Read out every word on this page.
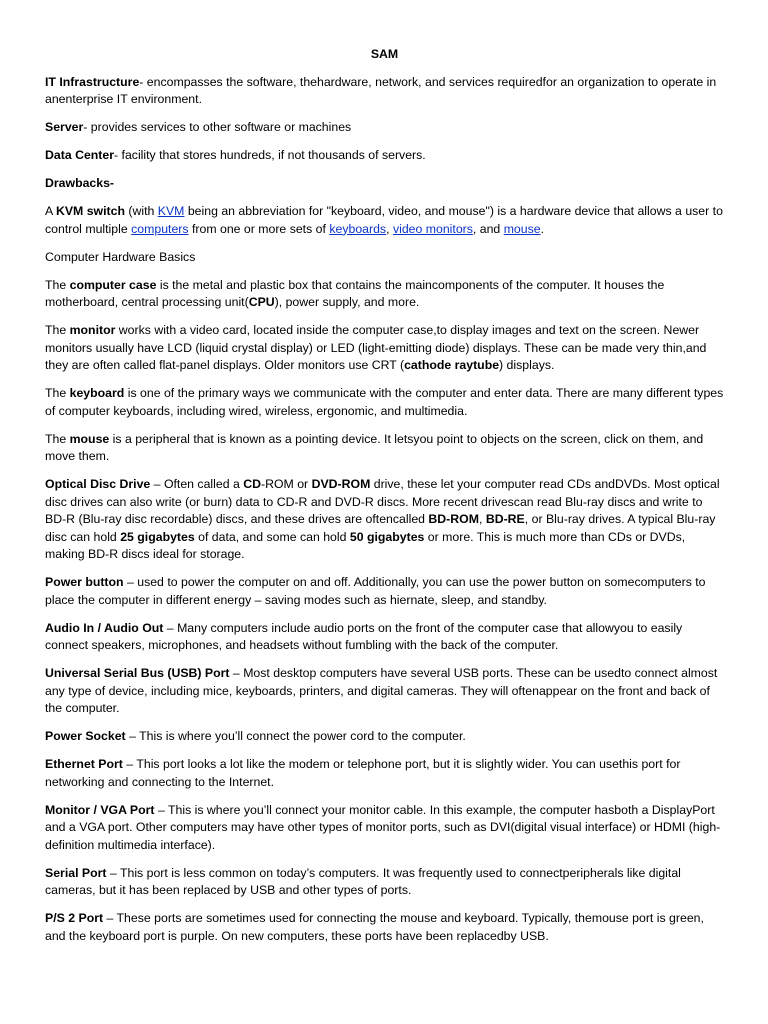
SAM

IT Infrastructure- encompasses the software, thehardware, network, and services requiredfor an organization to operate in anenterprise IT environment.

Server- provides services to other software or machines

Data Center- facility that stores hundreds, if not thousands of servers.

Drawbacks-

A KVM switch (with KVM being an abbreviation for "keyboard, video, and mouse") is a hardware device that allows a user to control multiple computers from one or more sets of keyboards, video monitors, and mouse.

Computer Hardware Basics

The computer case is the metal and plastic box that contains the maincomponents of the computer. It houses the motherboard, central processing unit(CPU), power supply, and more.

The monitor works with a video card, located inside the computer case,to display images and text on the screen. Newer monitors usually have LCD (liquid crystal display) or LED (light-emitting diode) displays. These can be made very thin,and they are often called flat-panel displays. Older monitors use CRT (cathode raytube) displays.

The keyboard is one of the primary ways we communicate with the computer and enter data. There are many different types of computer keyboards, including wired, wireless, ergonomic, and multimedia.

The mouse is a peripheral that is known as a pointing device. It letsyou point to objects on the screen, click on them, and move them.

Optical Disc Drive – Often called a CD-ROM or DVD-ROM drive, these let your computer read CDs andDVDs. Most optical disc drives can also write (or burn) data to CD-R and DVD-R discs. More recent drivescan read Blu-ray discs and write to BD-R (Blu-ray disc recordable) discs, and these drives are oftencalled BD-ROM, BD-RE, or Blu-ray drives. A typical Blu-ray disc can hold 25 gigabytes of data, and some can hold 50 gigabytes or more. This is much more than CDs or DVDs, making BD-R discs ideal for storage.

Power button – used to power the computer on and off. Additionally, you can use the power button on somecomputers to place the computer in different energy – saving modes such as hiernate, sleep, and standby.

Audio In / Audio Out – Many computers include audio ports on the front of the computer case that allowyou to easily connect speakers, microphones, and headsets without fumbling with the back of the computer.

Universal Serial Bus (USB) Port – Most desktop computers have several USB ports. These can be usedto connect almost any type of device, including mice, keyboards, printers, and digital cameras. They will oftenappear on the front and back of the computer.

Power Socket – This is where you’ll connect the power cord to the computer.

Ethernet Port – This port looks a lot like the modem or telephone port, but it is slightly wider. You can usethis port for networking and connecting to the Internet.

Monitor / VGA Port – This is where you’ll connect your monitor cable. In this example, the computer hasboth a DisplayPort and a VGA port. Other computers may have other types of monitor ports, such as DVI(digital visual interface) or HDMI (high-definition multimedia interface).

Serial Port – This port is less common on today’s computers. It was frequently used to connectperipherals like digital cameras, but it has been replaced by USB and other types of ports.

P/S 2 Port – These ports are sometimes used for connecting the mouse and keyboard. Typically, themouse port is green, and the keyboard port is purple. On new computers, these ports have been replacedby USB.
